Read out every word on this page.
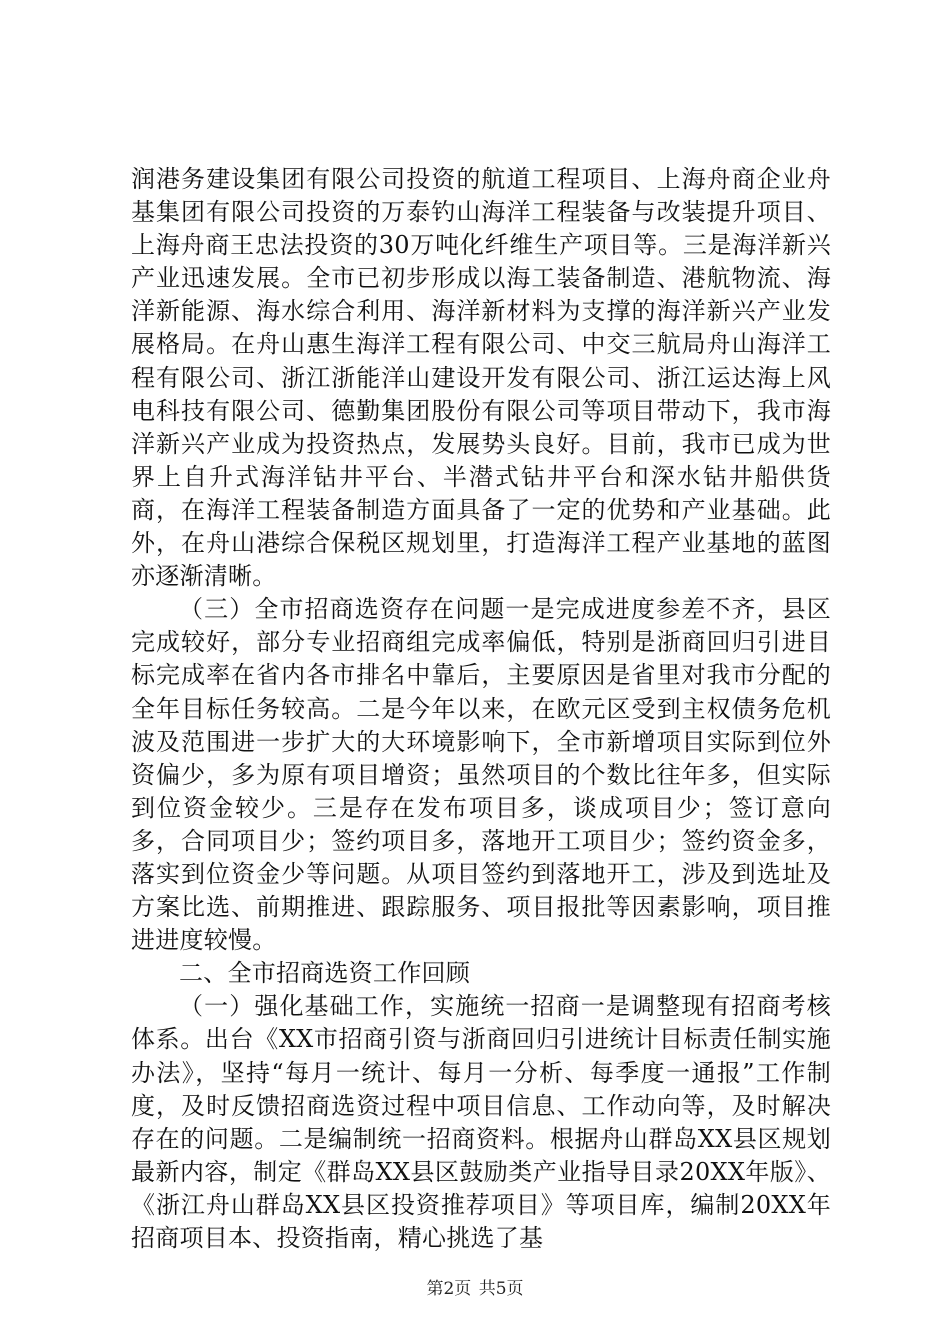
润港务建设集团有限公司投资的航道工程项目、上海舟商企业舟基集团有限公司投资的万泰钓山海洋工程装备与改装提升项目、上海舟商王忠法投资的30万吨化纤维生产项目等。三是海洋新兴产业迅速发展。全市已初步形成以海工装备制造、港航物流、海洋新能源、海水综合利用、海洋新材料为支撑的海洋新兴产业发展格局。在舟山惠生海洋工程有限公司、中交三航局舟山海洋工程有限公司、浙江浙能洋山建设开发有限公司、浙江运达海上风电科技有限公司、德勤集团股份有限公司等项目带动下，我市海洋新兴产业成为投资热点，发展势头良好。目前，我市已成为世界上自升式海洋钻井平台、半潜式钻井平台和深水钻井船供货商，在海洋工程装备制造方面具备了一定的优势和产业基础。此外，在舟山港综合保税区规划里，打造海洋工程产业基地的蓝图亦逐渐清晰。

（三）全市招商选资存在问题一是完成进度参差不齐，县区完成较好，部分专业招商组完成率偏低，特别是浙商回归引进目标完成率在省内各市排名中靠后，主要原因是省里对我市分配的全年目标任务较高。二是今年以来，在欧元区受到主权债务危机波及范围进一步扩大的大环境影响下，全市新增项目实际到位外资偏少，多为原有项目增资；虽然项目的个数比往年多，但实际到位资金较少。三是存在发布项目多，谈成项目少；签订意向多，合同项目少；签约项目多，落地开工项目少；签约资金多，落实到位资金少等问题。从项目签约到落地开工，涉及到选址及方案比选、前期推进、跟踪服务、项目报批等因素影响，项目推进进度较慢。

二、全市招商选资工作回顾

（一）强化基础工作，实施统一招商一是调整现有招商考核体系。出台《XX市招商引资与浙商回归引进统计目标责任制实施办法》，坚持“每月一统计、每月一分析、每季度一通报”工作制度，及时反馈招商选资过程中项目信息、工作动向等，及时解决存在的问题。二是编制统一招商资料。根据舟山群岛XX县区规划最新内容，制定《群岛XX县区鼓励类产业指导目录20XX年版》、《浙江舟山群岛XX县区投资推荐项目》等项目库，编制20XX年招商项目本、投资指南，精心挑选了基

第2页 共5页
